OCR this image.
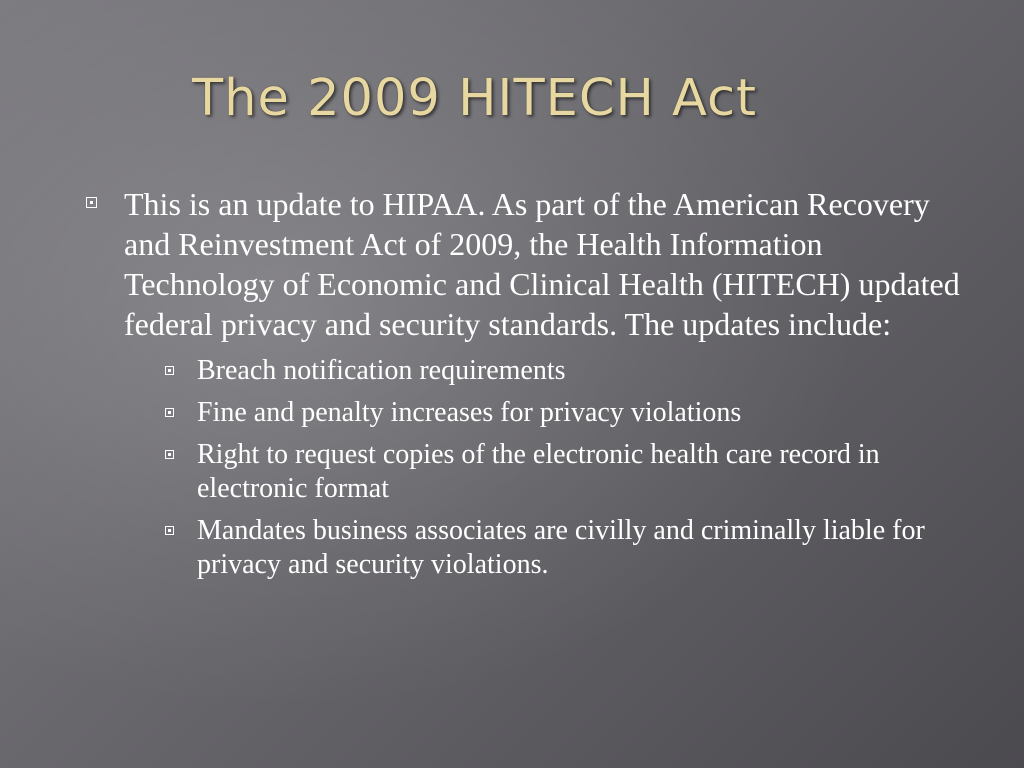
The 2009 HITECH Act
This is an update to HIPAA. As part of the American Recovery and Reinvestment Act of 2009, the Health Information Technology of Economic and Clinical Health (HITECH) updated federal privacy and security standards. The updates include:
Breach notification requirements
Fine and penalty increases for privacy violations
Right to request copies of the electronic health care record in electronic format
Mandates business associates are civilly and criminally liable for privacy and security violations.
